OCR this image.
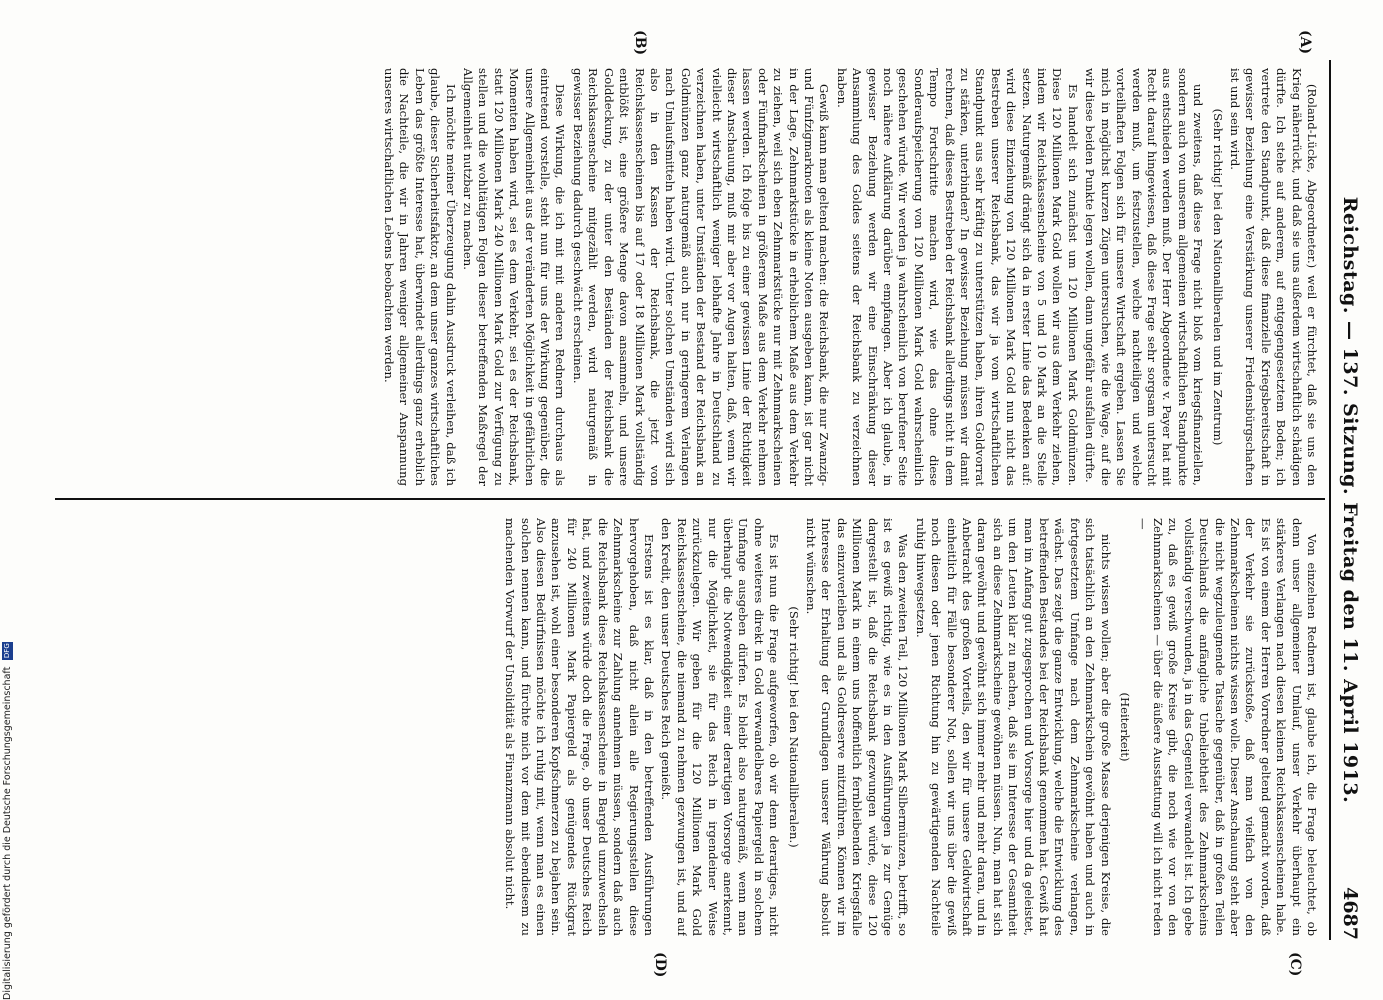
Reichstag. — 137. Sitzung. Freitag den 11. April 1913.
4687
(A)
(B)
(C)
(D)

(Roland-Lücke, Abgeordneter.) weil er fürchtet, daß sie uns den Krieg näherrückt, und daß sie uns außerdem wirtschaftlich schädigen dürfte. Ich stehe auf anderem, auf entgegengesetztem Boden; ich vertrete den Standpunkt, daß diese finanzielle Kriegsbereitschaft in gewisser Beziehung eine Verstärkung unserer Friedensbürgschaften ist und sein wird.

(Sehr richtig! bei den Nationalliberalen und im Zentrum)

und zweitens, daß diese Frage nicht bloß vom kriegsfinanziellen, sondern auch von unserem allgemeinen wirtschaftlichen Standpunkte aus entschieden werden muß. Der Herr Abgeordnete v. Payer hat mit Recht darauf hingewiesen, daß diese Frage sehr sorgsam untersucht werden muß, um festzustellen, welche nachteiligen und welche vorteilhaften Folgen sich für unsere Wirtschaft ergeben. Lassen Sie mich in möglichst kurzen Zügen untersuchen, wie die Wage, auf die wir diese beiden Punkte legen wollen, dann ungefähr ausfallen dürfte.

Es handelt sich zunächst um 120 Millionen Mark Goldmünzen. Diese 120 Millionen Mark Gold wollen wir aus dem Verkehr ziehen, indem wir Reichskassenscheine von 5 und 10 Mark an die Stelle setzen. Naturgemäß drängt sich da in erster Linie das Bedenken auf: wird diese Einziehung von 120 Millionen Mark Gold nun nicht das Bestreben unserer Reichsbank, das wir ja vom wirtschaftlichen Standpunkt aus sehr kräftig zu unterstützen haben, ihren Goldvorrat zu stärken, unterbinden? In gewisser Beziehung müssen wir damit rechnen, daß dieses Bestreben der Reichsbank allerdings nicht in dem Tempo Fortschritte machen wird, wie das ohne diese Sonderaufspeicherung von 120 Millionen Mark Gold wahrscheinlich geschehen würde. Wir werden ja wahrscheinlich von berufener Seite noch nähere Aufklärung darüber empfangen. Aber ich glaube, in gewisser Beziehung werden wir eine Einschränkung dieser Ansammlung des Goldes seitens der Reichsbank zu verzeichnen haben.

Gewiß kann man geltend machen: die Reichsbank, die nur Zwanzig- und Fünfzigmarknoten als kleine Noten ausgeben kann, ist gar nicht in der Lage, Zehnmarkstücke in erheblichem Maße aus dem Verkehr zu ziehen, weil sich eben Zehnmarkstücke nur mit Zehnmarkscheinen oder Fünfmarkscheinen in größerem Maße aus dem Verkehr nehmen lassen werden. Ich folge bis zu einer gewissen Linie der Richtigkeit dieser Anschauung, muß mir aber vor Augen halten, daß, wenn wir vielleicht wirtschaftlich weniger lebhafte Jahre in Deutschland zu verzeichnen haben, unter Umständen der Bestand der Reichsbank an Goldmünzen ganz naturgemäß auch nur in geringerem Verlangen nach Umlaufsmitteln haben wird. Unter solchen Umständen wird sich also in den Kassen der Reichsbank, die jetzt von Reichskassenscheinen bis auf 17 oder 18 Millionen Mark vollständig entblößt ist, eine größere Menge davon ansammeln, und unsere Golddeckung, zu der unter den Beständen der Reichsbank die Reichskassenscheine mitgezählt werden, wird naturgemäß in gewisser Beziehung dadurch geschwächt erscheinen.

Diese Wirkung, die ich mit mit anderen Rednern durchaus als eintretend vorstelle, steht nun für uns der Wirkung gegenüber, die unsere Allgemeinheit aus der veränderten Möglichkeit in gefährlichen Momenten haben wird, sei es dem Verkehr, sei es der Reichsbank, statt 120 Millionen Mark 240 Millionen Mark Gold zur Verfügung zu stellen und die wohltätigen Folgen dieser betreffenden Maßregel der Allgemeinheit nutzbar zu machen.

Ich möchte meiner Überzeugung dahin Ausdruck verleihen, daß ich glaube, dieser Sicherheitsfaktor, an dem unser ganzes wirtschaftliches Leben das größte Interesse hat, überwindet allerdings ganz erheblich die Nachteile, die wir in Jahren weniger allgemeiner Anspannung unseres wirtschaftlichen Lebens beobachten werden.

Von einzelnen Rednern ist, glaube ich, die Frage beleuchtet, ob denn unser allgemeiner Umlauf, unser Verkehr überhaupt ein stärkeres Verlangen nach diesen kleinen Reichskassenscheinen habe. Es ist von einem der Herren Vorredner geltend gemacht worden, daß der Verkehr sie zurückstoße, daß man vielfach von den Zehnmarkscheinen nichts wissen wolle. Dieser Anschauung steht aber die nicht wegzuleugnende Tatsache gegenüber, daß in großen Teilen Deutschlands die anfängliche Unbeliebtheit des Zehnmarkscheins vollständig verschwunden, ja in das Gegenteil verwandelt ist. Ich gebe zu, daß es gewiß große Kreise gibt, die noch wie vor von den Zehnmarkscheinen — über die äußere Ausstattung will ich nicht reden —

(Heiterkeit)

nichts wissen wollen; aber die große Masse derjenigen Kreise, die sich tatsächlich an den Zehnmarkschein gewöhnt haben und auch in fortgesetztem Umfange nach dem Zehnmarkscheine verlangen, wächst. Das zeigt die ganze Entwicklung, welche die Entwicklung des betreffenden Bestandes bei der Reichsbank genommen hat. Gewiß hat man im Anfang gut zugesprochen und Vorsorge hier und da geleistet, um den Leuten klar zu machen, daß sie im Interesse der Gesamtheit sich an diese Zehnmarkscheine gewöhnen müssen. Nun, man hat sich daran gewöhnt und gewöhnt sich immer mehr und mehr daran, und in Anbetracht des großen Vorteils, den wir für unsere Geldwirtschaft einheitlich für Fälle besonderer Not, sollen wir uns über die gewiß noch diesen oder jenen Richtung hin zu gewärtigenden Nachteile ruhig hinwegsetzen.

Was den zweiten Teil, 120 Millionen Mark Silbermünzen, betrifft, so ist es gewiß richtig, wie es in den Ausführungen ja zur Genüge dargestellt ist, daß die Reichsbank gezwungen würde, diese 120 Millionen Mark in einem uns hoffentlich fernbleibenden Kriegsfalle das einzuverleiben und als Goldreserve mitzuführen. Können wir im Interesse der Erhaltung der Grundlagen unserer Währung absolut nicht wünschen.

(Sehr richtig! bei den Nationalliberalen.)

Es ist nun die Frage aufgeworfen, ob wir denn derartiges, nicht ohne weiteres direkt in Gold verwandelbares Papiergeld in solchem Umfange ausgeben dürfen. Es bleibt also naturgemäß, wenn man überhaupt die Notwendigkeit einer derartigen Vorsorge anerkennt, nur die Möglichkeit, sie für das Reich in irgendeiner Weise zurückzulegen. Wir geben für die 120 Millionen Mark Gold Reichskassenscheine, die niemand zu nehmen gezwungen ist, und auf den Kredit, den unser Deutsches Reich genießt.

Erstens ist es klar, daß in den betreffenden Ausführungen hervorgehoben, daß nicht allein alle Regierungsstellen diese Zehnmarkscheine zur Zahlung annehmen müssen, sondern daß auch die Reichsbank diese Reichskassenscheine in Bargeld umzuwechseln hat, und zweitens würde doch die Frage, ob unser Deutsches Reich für 240 Millionen Mark Papiergeld als genügendes Rückgrat anzusehen ist, wohl einer besonderen Kopfschmerzen zu bejahen sein. Also diesen Bedürfnissen möchte ich ruhig mit, wenn man es einen solchen nennen kann, und fürchte mich vor dem mit ebendiesem zu machenden Vorwurf der Unsolidität als Finanzmann absolut nicht.

Digitalisierung gefördert durch die Deutsche Forschungsgemeinschaft DFG
